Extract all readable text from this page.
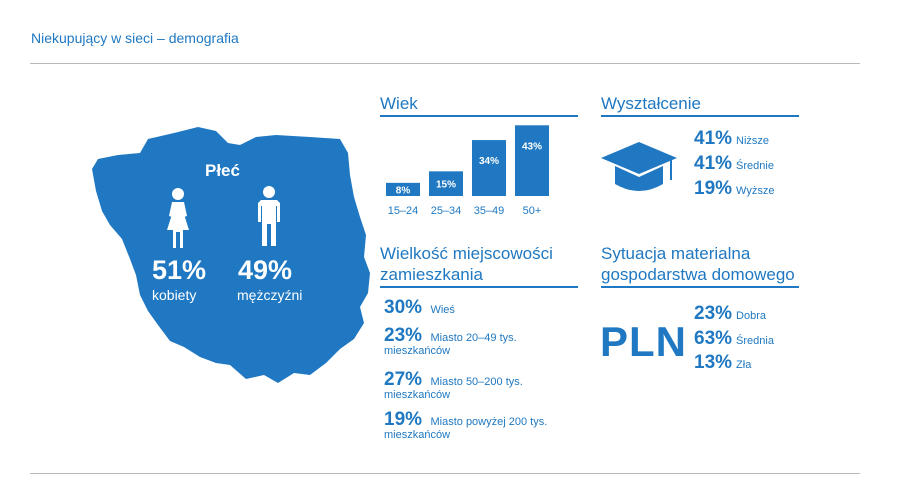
Niekupujący w sieci – demografia
Płeć
51%
kobiety
49%
mężczyźni
Wiek
8%
15–24
15%
25–34
34%
35–49
43%
50+
Wyształcenie
41% Niższe
41% Średnie
19% Wyższe
Wielkość miejscowości
zamieszkania
30% Wieś
23% Miasto 20–49 tys.
mieszkańców
27% Miasto 50–200 tys.
mieszkańców
19% Miasto powyżej 200 tys.
mieszkańców
Sytuacja materialna
gospodarstwa domowego
PLN
23% Dobra
63% Średnia
13% Zła
